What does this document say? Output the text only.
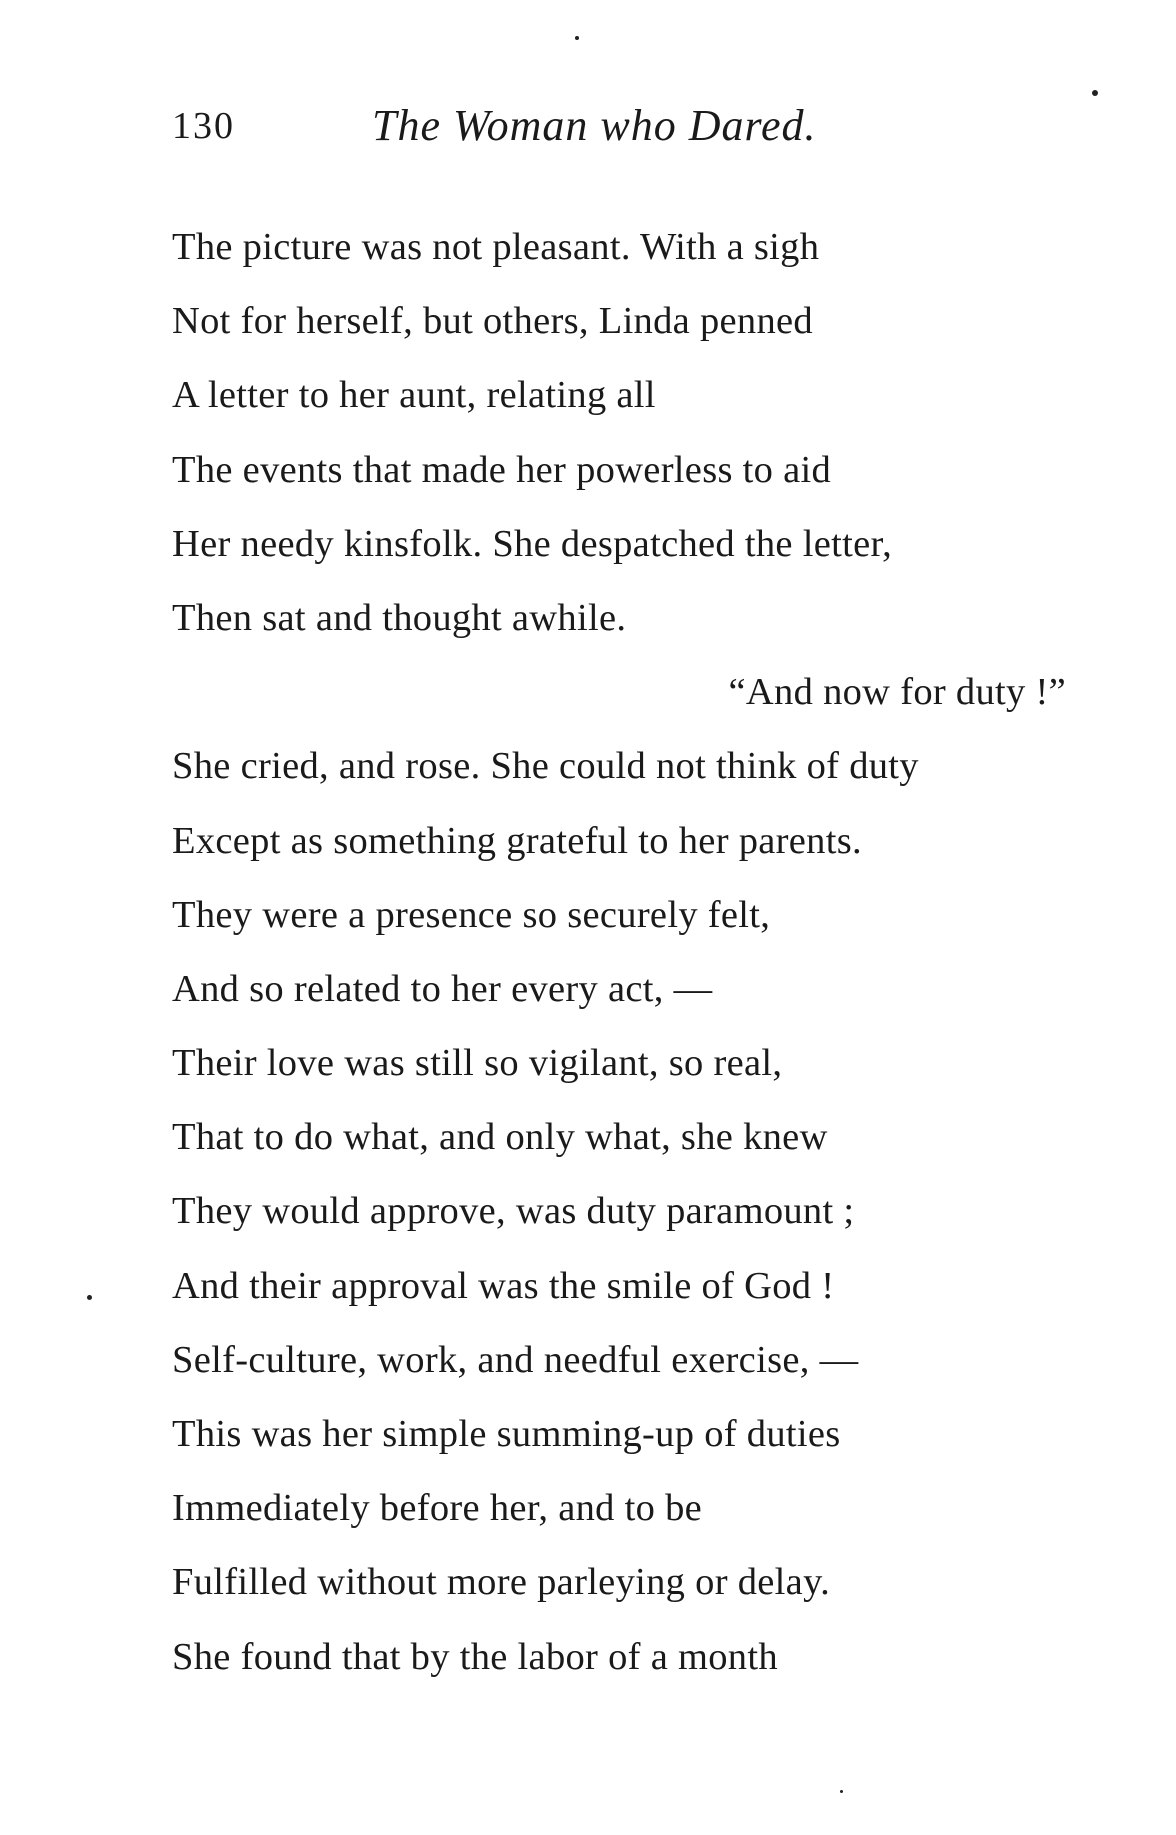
130	The Woman who Dared.
The picture was not pleasant. With a sigh
Not for herself, but others, Linda penned
A letter to her aunt, relating all
The events that made her powerless to aid
Her needy kinsfolk. She despatched the letter,
Then sat and thought awhile.
“And now for duty !”
She cried, and rose. She could not think of duty
Except as something grateful to her parents.
They were a presence so securely felt,
And so related to her every act, —
Their love was still so vigilant, so real,
That to do what, and only what, she knew
They would approve, was duty paramount ;
And their approval was the smile of God !
Self-culture, work, and needful exercise, —
This was her simple summing-up of duties
Immediately before her, and to be
Fulfilled without more parleying or delay.
She found that by the labor of a month
